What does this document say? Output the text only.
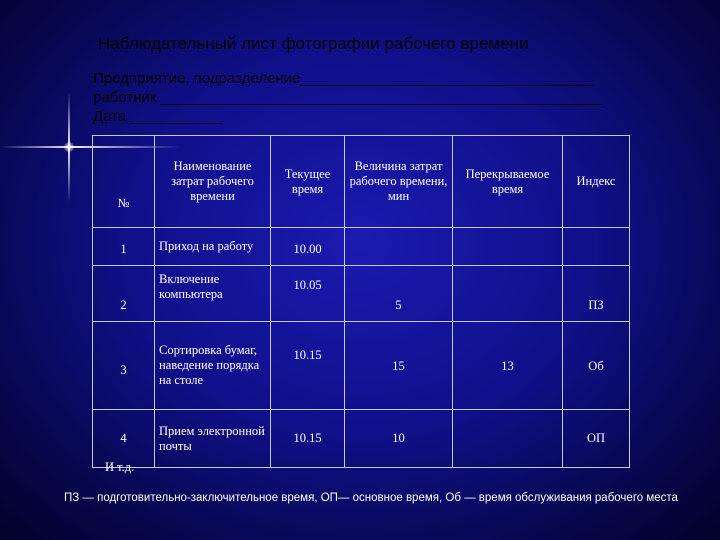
Наблюдательный лист фотографии рабочего времени
Предприятие, подразделение___________________________________
работник _____________________________________________________
Дата ___________
№	Наименование затрат рабочего времени	Текущее время	Величина затрат рабочего времени, мин	Перекрываемое время	Индекс
1	Приход на работу	10.00			
2	Включение компьютера	10.05	5		ПЗ
3	Сортировка бумаг, наведение порядка на столе	10.15	15	13	Об
4	Прием электронной почты	10.15	10		ОП
И т.д.
ПЗ — подготовительно-заключительное время, ОП— основное время, Об — время обслуживания рабочего места
